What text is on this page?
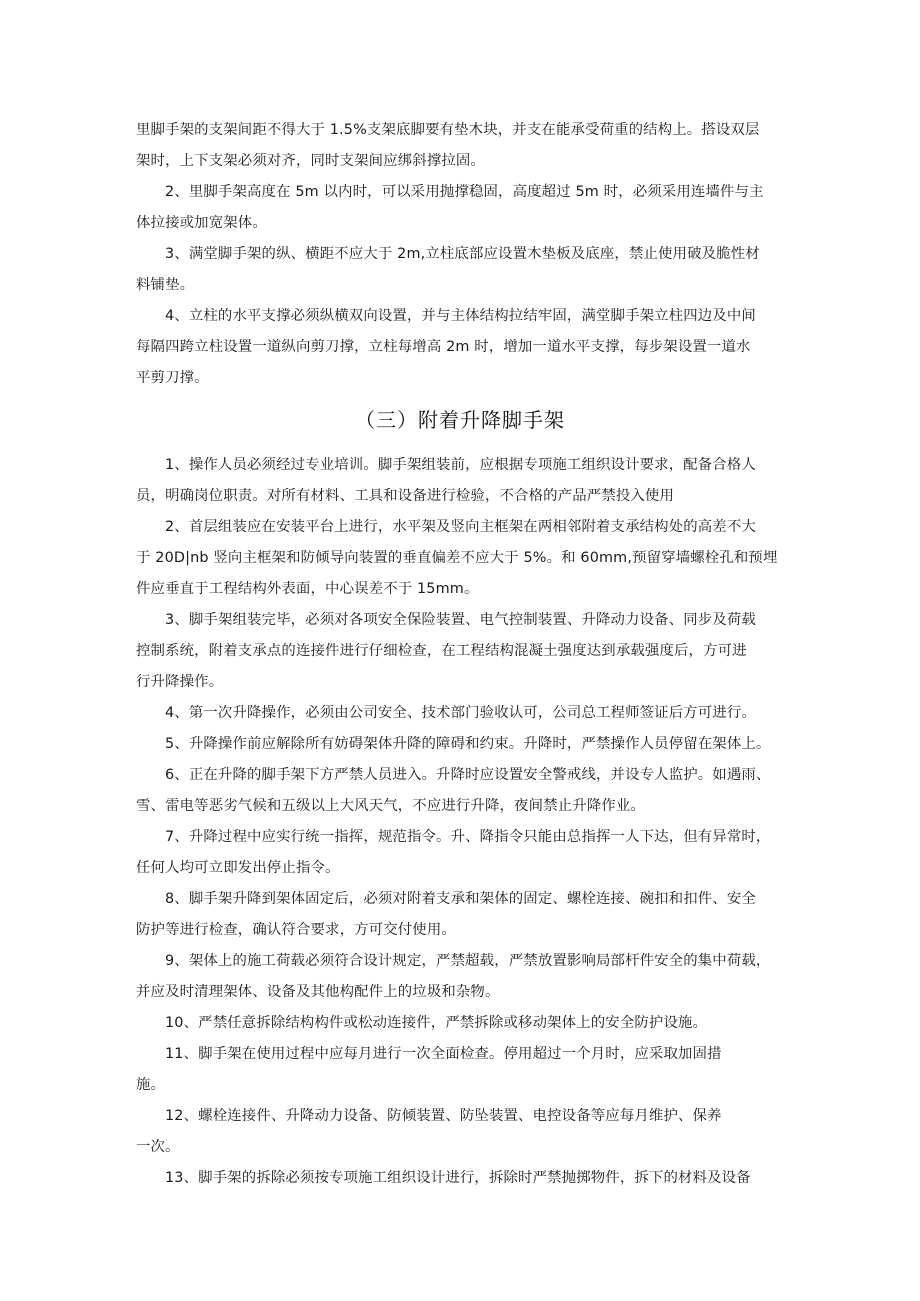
里脚手架的支架间距不得大于 1.5%支架底脚要有垫木块，并支在能承受荷重的结构上。搭设双层
架时，上下支架必须对齐，同时支架间应绑斜撑拉固。
2、里脚手架高度在 5m 以内时，可以采用抛撑稳固，高度超过 5m 时，必须采用连墙件与主
体拉接或加宽架体。
3、满堂脚手架的纵、横距不应大于 2m,立柱底部应设置木垫板及底座，禁止使用破及脆性材
料铺垫。
4、立柱的水平支撑必须纵横双向设置，并与主体结构拉结牢固，满堂脚手架立柱四边及中间
每隔四跨立柱设置一道纵向剪刀撑，立柱每增高 2m 时，增加一道水平支撑，每步架设置一道水
平剪刀撑。
（三）附着升降脚手架
1、操作人员必须经过专业培训。脚手架组装前，应根据专项施工组织设计要求，配备合格人
员，明确岗位职责。对所有材料、工具和设备进行检验，不合格的产品严禁投入使用
2、首层组装应在安装平台上进行，水平架及竖向主框架在两相邻附着支承结构处的高差不大
于 20D|nb 竖向主框架和防倾导向装置的垂直偏差不应大于 5%。和 60mm,预留穿墙螺栓孔和预埋
件应垂直于工程结构外表面，中心误差不于 15mm。
3、脚手架组装完毕，必须对各项安全保险装置、电气控制装置、升降动力设备、同步及荷载
控制系统，附着支承点的连接件进行仔细检查，在工程结构混凝土强度达到承载强度后，方可进
行升降操作。
4、第一次升降操作，必须由公司安全、技术部门验收认可，公司总工程师签证后方可进行。
5、升降操作前应解除所有妨碍架体升降的障碍和约束。升降时，严禁操作人员停留在架体上。
6、正在升降的脚手架下方严禁人员进入。升降时应设置安全警戒线，并设专人监护。如遇雨、
雪、雷电等恶劣气候和五级以上大风天气，不应进行升降，夜间禁止升降作业。
7、升降过程中应实行统一指挥，规范指令。升、降指令只能由总指挥一人下达，但有异常时，
任何人均可立即发出停止指令。
8、脚手架升降到架体固定后，必须对附着支承和架体的固定、螺栓连接、碗扣和扣件、安全
防护等进行检查，确认符合要求，方可交付使用。
9、架体上的施工荷载必须符合设计规定，严禁超载，严禁放置影响局部杆件安全的集中荷载，
并应及时清理架体、设备及其他构配件上的垃圾和杂物。
10、严禁任意拆除结构构件或松动连接件，严禁拆除或移动架体上的安全防护设施。
11、脚手架在使用过程中应每月进行一次全面检查。停用超过一个月时，应采取加固措
施。
12、螺栓连接件、升降动力设备、防倾装置、防坠装置、电控设备等应每月维护、保养
一次。
13、脚手架的拆除必须按专项施工组织设计进行，拆除时严禁抛掷物件，拆下的材料及设备
